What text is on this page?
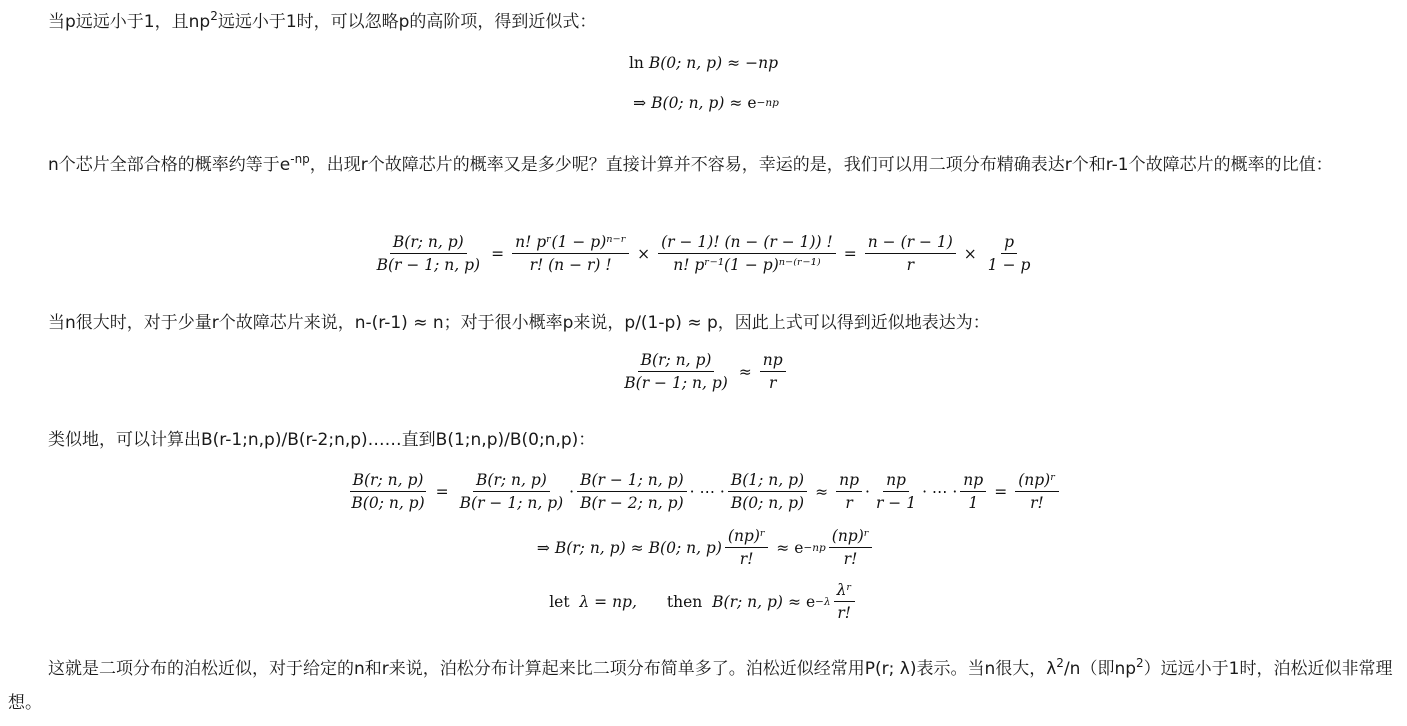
当p远远小于1，且$np^2$远远小于1时，可以忽略p的高阶项，得到近似式：
ln
B(0; n, p) ≈ −np
⇒ B(0; n, p) ≈ e −np
n个芯片全部合格的概率约等于$e^{-np}$，出现r个故障芯片的概率又是多少呢？直接计算并不容易，幸运的是，我们可以用二项分布精确表达r个和r-1个故障芯片的概率的比值：
$\frac{B(r; n, p)}{B(r - 1; n, p)} = \frac{\text{n! pʳ(1 − p)ⁿ⁻ʳ}}{r! (n - r) !} \times \frac{(r - 1)! (n - (r - 1)) !}{\text{n! pʳ⁻¹(1 − p)ⁿ⁻⁽ʳ⁻¹⁾}} = \frac{n - (r - 1)}{r} \times \frac{p}{1 - p}$
当n很大时，对于少量r个故障芯片来说，n-(r-1) ≈ n；对于很小概率p来说，p/(1-p) ≈ p，因此上式可以得到近似地表达为：
$\frac{B(r; n, p)}{B(r - 1; n, p)} \approx \frac{np}{r}$
类似地，可以计算出B(r-1;n,p)/B(r-2;n,p)……直到B(1;n,p)/B(0;n,p)：
$\frac{B(r; n, p)}{B(0; n, p)} = \frac{B(r; n, p)}{B(r - 1; n, p)} \cdot \frac{B(r - 1; n, p)}{B(r - 2; n, p)}$ · ⋯ · $\frac{B(1; n, p)}{B(0; n, p)} \approx \frac{np}{r} \cdot \frac{np}{r - 1}$ · ⋯ · $\frac{np}{1} = \frac{\text{(np)ʳ}}{r!}$
⇒ B(r; n, p) ≈ B(0; n, $p) \frac{\text{(np)ʳ}}{r!} \approx e -np \frac{\text{(np)ʳ}}{r!}$
let
λ = np, then
B(r; n, $p) \approx e -\lambda \frac{\text{λʳ}}{r!}$
这就是二项分布的泊松近似，对于给定的n和r来说，泊松分布计算起来比二项分布简单多了。泊松近似经常用P(r; λ)表示。当n很大，$\lambda^2/n$（即$np^2$）远远小于1时，泊松近似非常理想。
